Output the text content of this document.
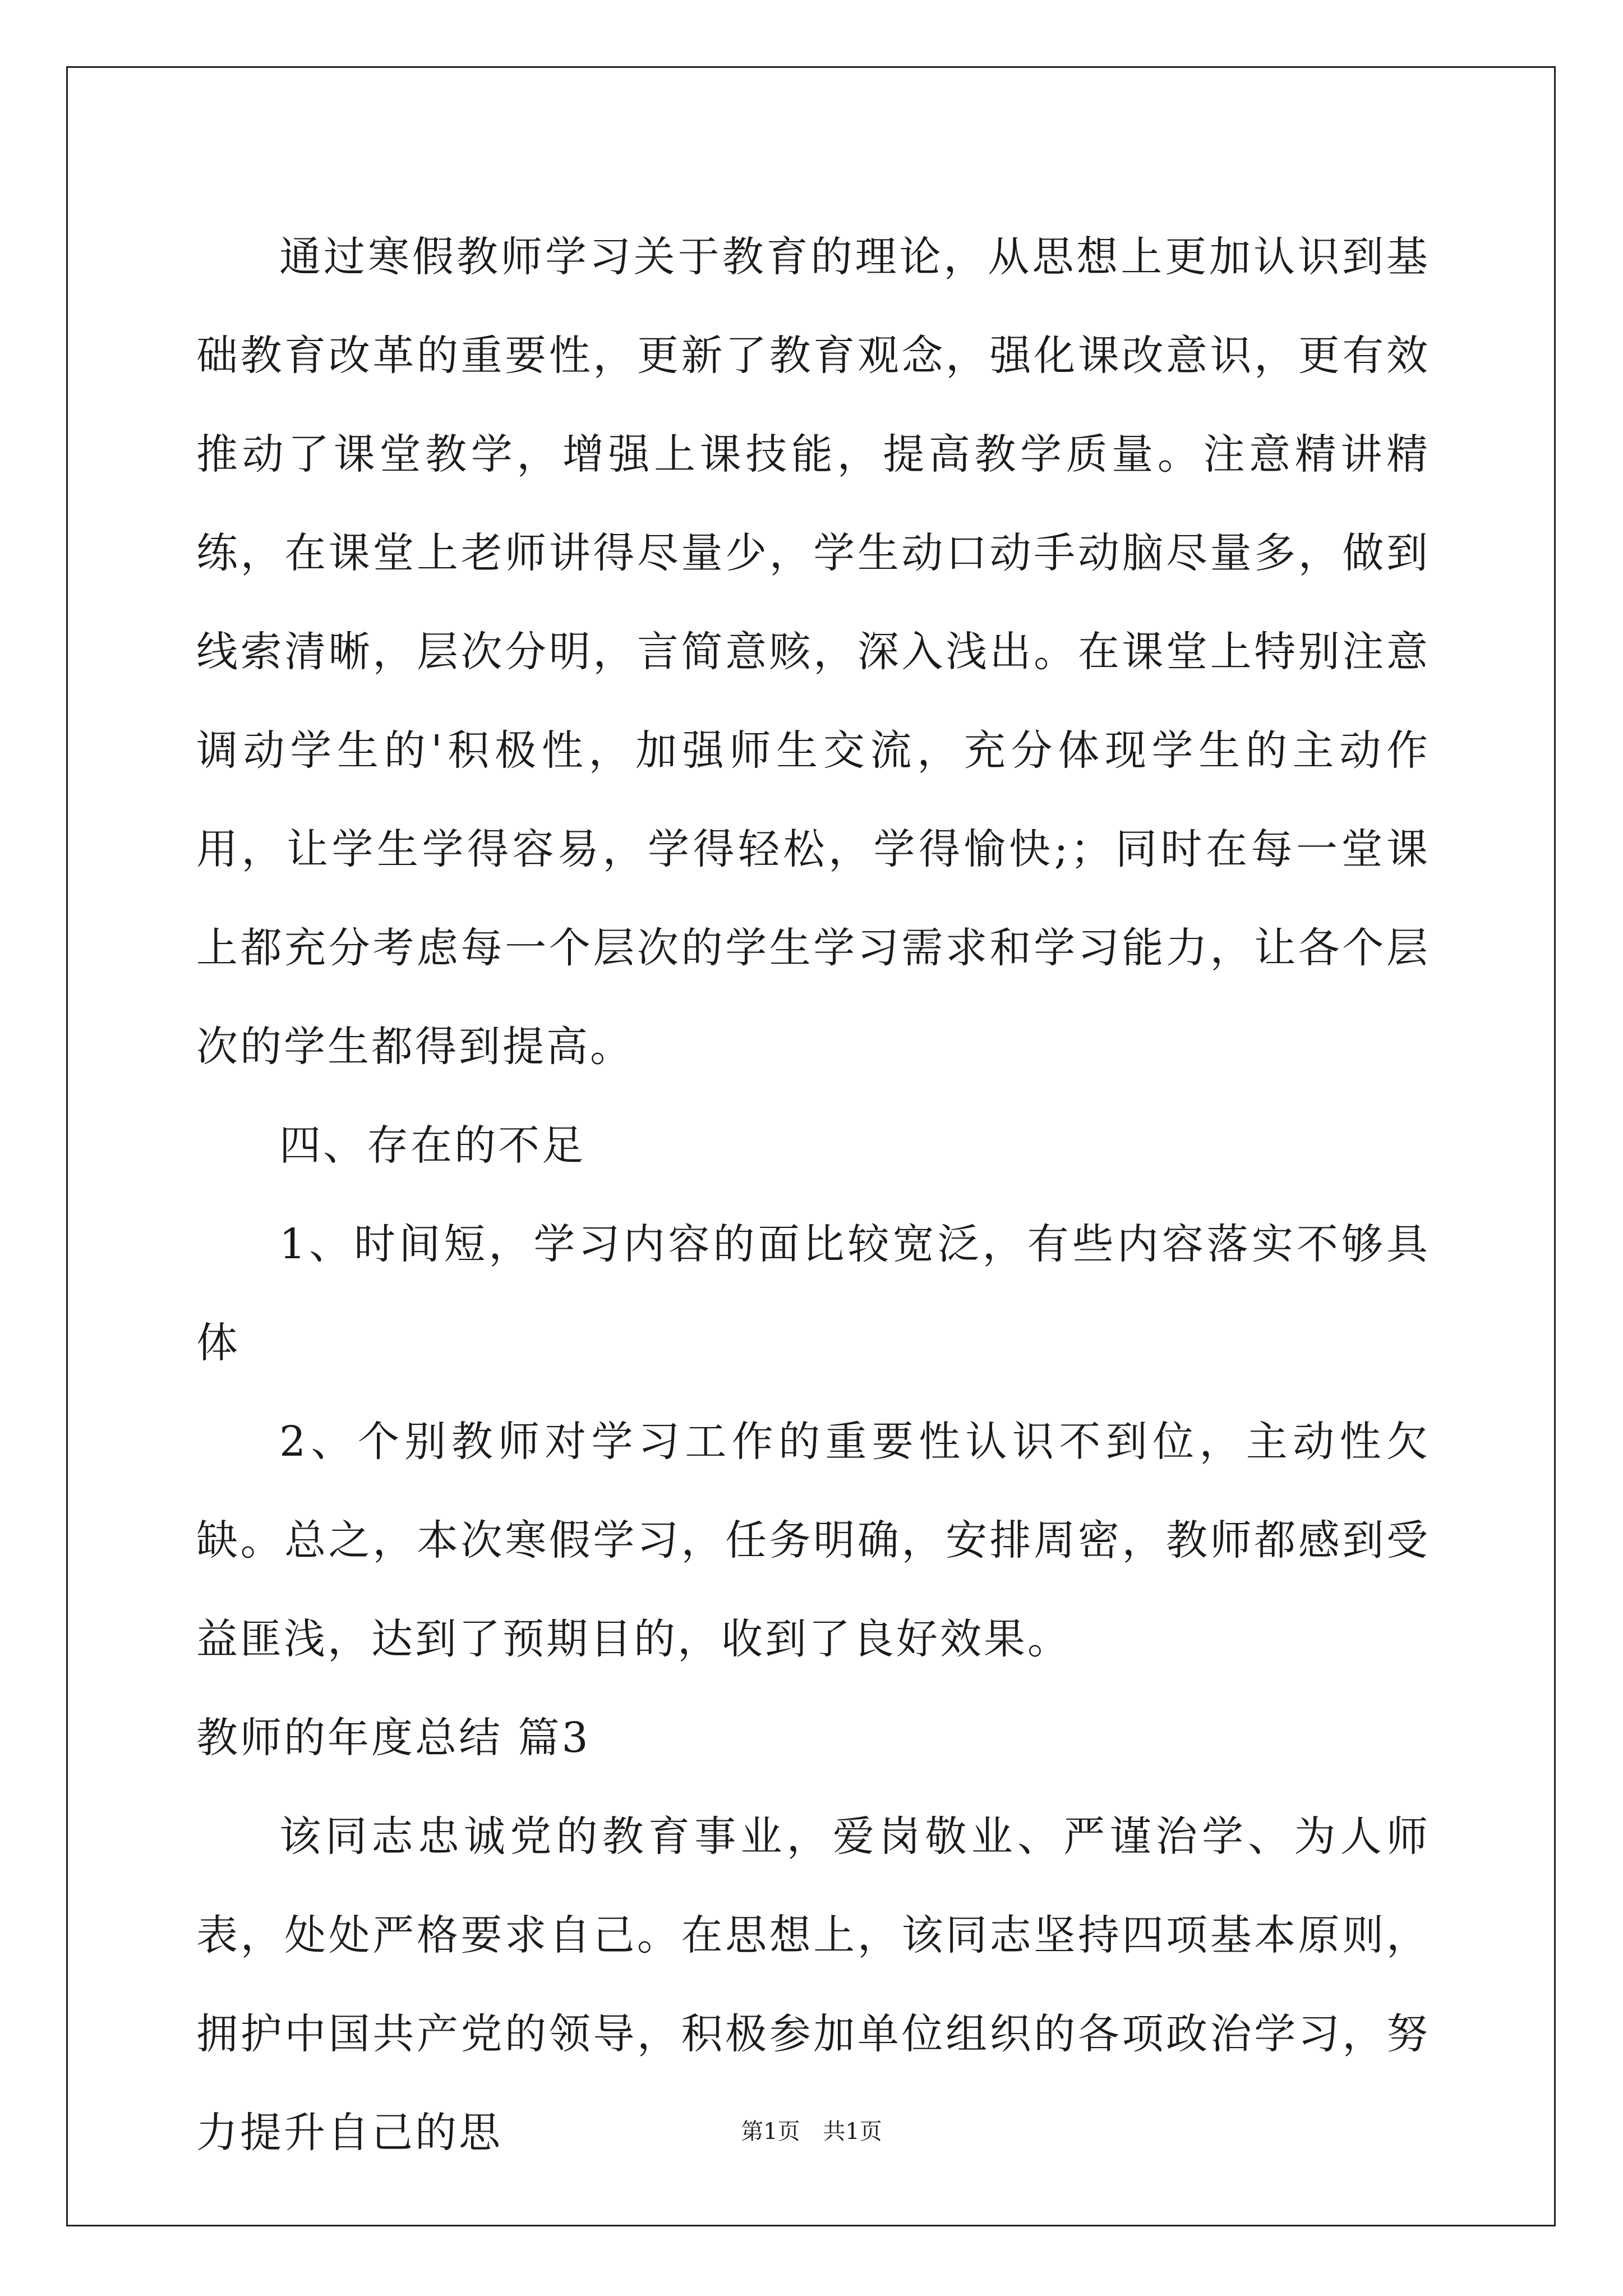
通过寒假教师学习关于教育的理论，从思想上更加认识到基础教育改革的重要性，更新了教育观念，强化课改意识，更有效推动了课堂教学，增强上课技能，提高教学质量。注意精讲精练，在课堂上老师讲得尽量少，学生动口动手动脑尽量多，做到线索清晰，层次分明，言简意赅，深入浅出。在课堂上特别注意调动学生的'积极性，加强师生交流，充分体现学生的主动作用，让学生学得容易，学得轻松，学得愉快;；同时在每一堂课上都充分考虑每一个层次的学生学习需求和学习能力，让各个层次的学生都得到提高。

四、存在的不足

1、时间短，学习内容的面比较宽泛，有些内容落实不够具体

2、个别教师对学习工作的重要性认识不到位，主动性欠缺。总之，本次寒假学习，任务明确，安排周密，教师都感到受益匪浅，达到了预期目的，收到了良好效果。

教师的年度总结 篇3

该同志忠诚党的教育事业，爱岗敬业、严谨治学、为人师表，处处严格要求自己。在思想上，该同志坚持四项基本原则，拥护中国共产党的领导，积极参加单位组织的各项政治学习，努力提升自己的思	第1页 共1页
